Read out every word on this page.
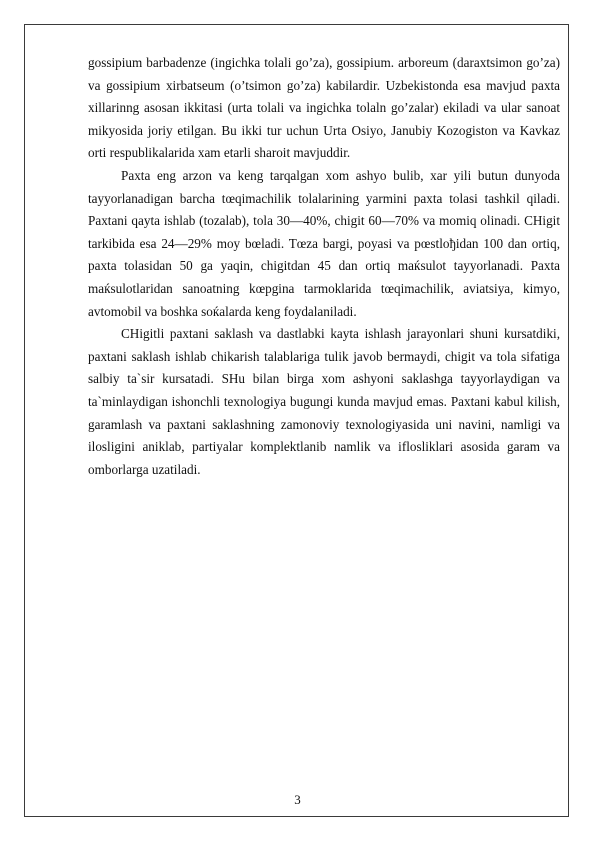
gossipium barbadenze (ingichka tolali go’za), gossipium. arboreum (daraxtsimon go’za) va gossipium xirbatseum (o’tsimon go’za) kabilardir. Uzbekistonda esa mavjud paxta xillarinng asosan ikkitasi (urta tolali va ingichka tolaln go’zalar) ekiladi va ular sanoat mikyosida joriy etilgan. Bu ikki tur uchun Urta Osiyo, Janubiy Kozogiston va Kavkaz orti respublikalarida xam etarli sharoit mavjuddir.

Paxta eng arzon va keng tarqalgan xom ashyo bulib, xar yili butun dunyoda tayyorlanadigan barcha tœqimachilik tolalarining yarmini paxta tolasi tashkil qiladi. Paxtani qayta ishlab (tozalab), tola 30—40%, chigit 60—70% va momiq olinadi. CHigit tarkibida esa 24—29% moy bœladi. Tœza bargi, poyasi va pœstloђidan 100 dan ortiq, paxta tolasidan 50 ga yaqin, chigitdan 45 dan ortiq maќsulot tayyorlanadi. Paxta maќsulotlaridan sanoatning kœpgina tarmoklarida tœqimachilik, aviatsiya, kimyo, avtomobil va boshka soќalarda keng foydalaniladi.

CHigitli paxtani saklash va dastlabki kayta ishlash jarayonlari shuni kursatdiki, paxtani saklash ishlab chikarish talablariga tulik javob bermaydi, chigit va tola sifatiga salbiy ta`sir kursatadi. SHu bilan birga xom ashyoni saklashga tayyorlaydigan va ta`minlaydigan ishonchli texnologiya bugungi kunda mavjud emas. Paxtani kabul kilish, garamlash va paxtani saklashning zamonoviy texnologiyasida uni navini, namligi va ilosligini aniklab, partiyalar komplektlanib namlik va iflosliklari asosida garam va omborlarga uzatiladi.

3
